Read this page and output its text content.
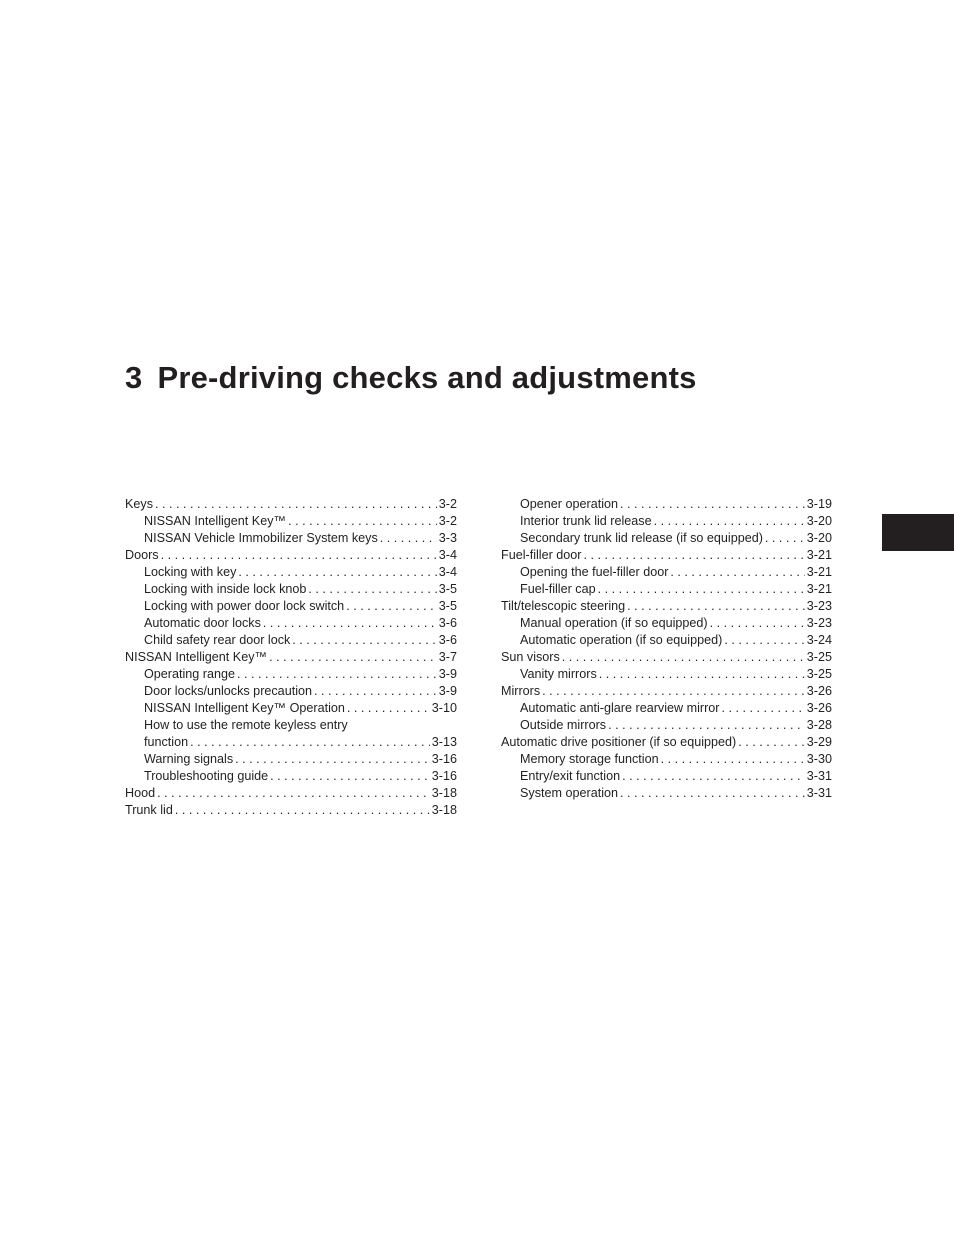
3 Pre-driving checks and adjustments
Keys . . .	3-2
NISSAN Intelligent Key™ . . .	3-2
NISSAN Vehicle Immobilizer System keys . . .	3-3
Doors . . .	3-4
Locking with key . . .	3-4
Locking with inside lock knob . . .	3-5
Locking with power door lock switch . . .	3-5
Automatic door locks . . .	3-6
Child safety rear door lock . . .	3-6
NISSAN Intelligent Key™ . . .	3-7
Operating range . . .	3-9
Door locks/unlocks precaution . . .	3-9
NISSAN Intelligent Key™ Operation . . .	3-10
How to use the remote keyless entry
function . . .	3-13
Warning signals . . .	3-16
Troubleshooting guide . . .	3-16
Hood . . .	3-18
Trunk lid . . .	3-18
Opener operation . . .	3-19
Interior trunk lid release . . .	3-20
Secondary trunk lid release (if so equipped) . . .	3-20
Fuel-filler door . . .	3-21
Opening the fuel-filler door . . .	3-21
Fuel-filler cap . . .	3-21
Tilt/telescopic steering . . .	3-23
Manual operation (if so equipped) . . .	3-23
Automatic operation (if so equipped) . . .	3-24
Sun visors . . .	3-25
Vanity mirrors . . .	3-25
Mirrors . . .	3-26
Automatic anti-glare rearview mirror . . .	3-26
Outside mirrors . . .	3-28
Automatic drive positioner (if so equipped) . . .	3-29
Memory storage function . . .	3-30
Entry/exit function . . .	3-31
System operation . . .	3-31
